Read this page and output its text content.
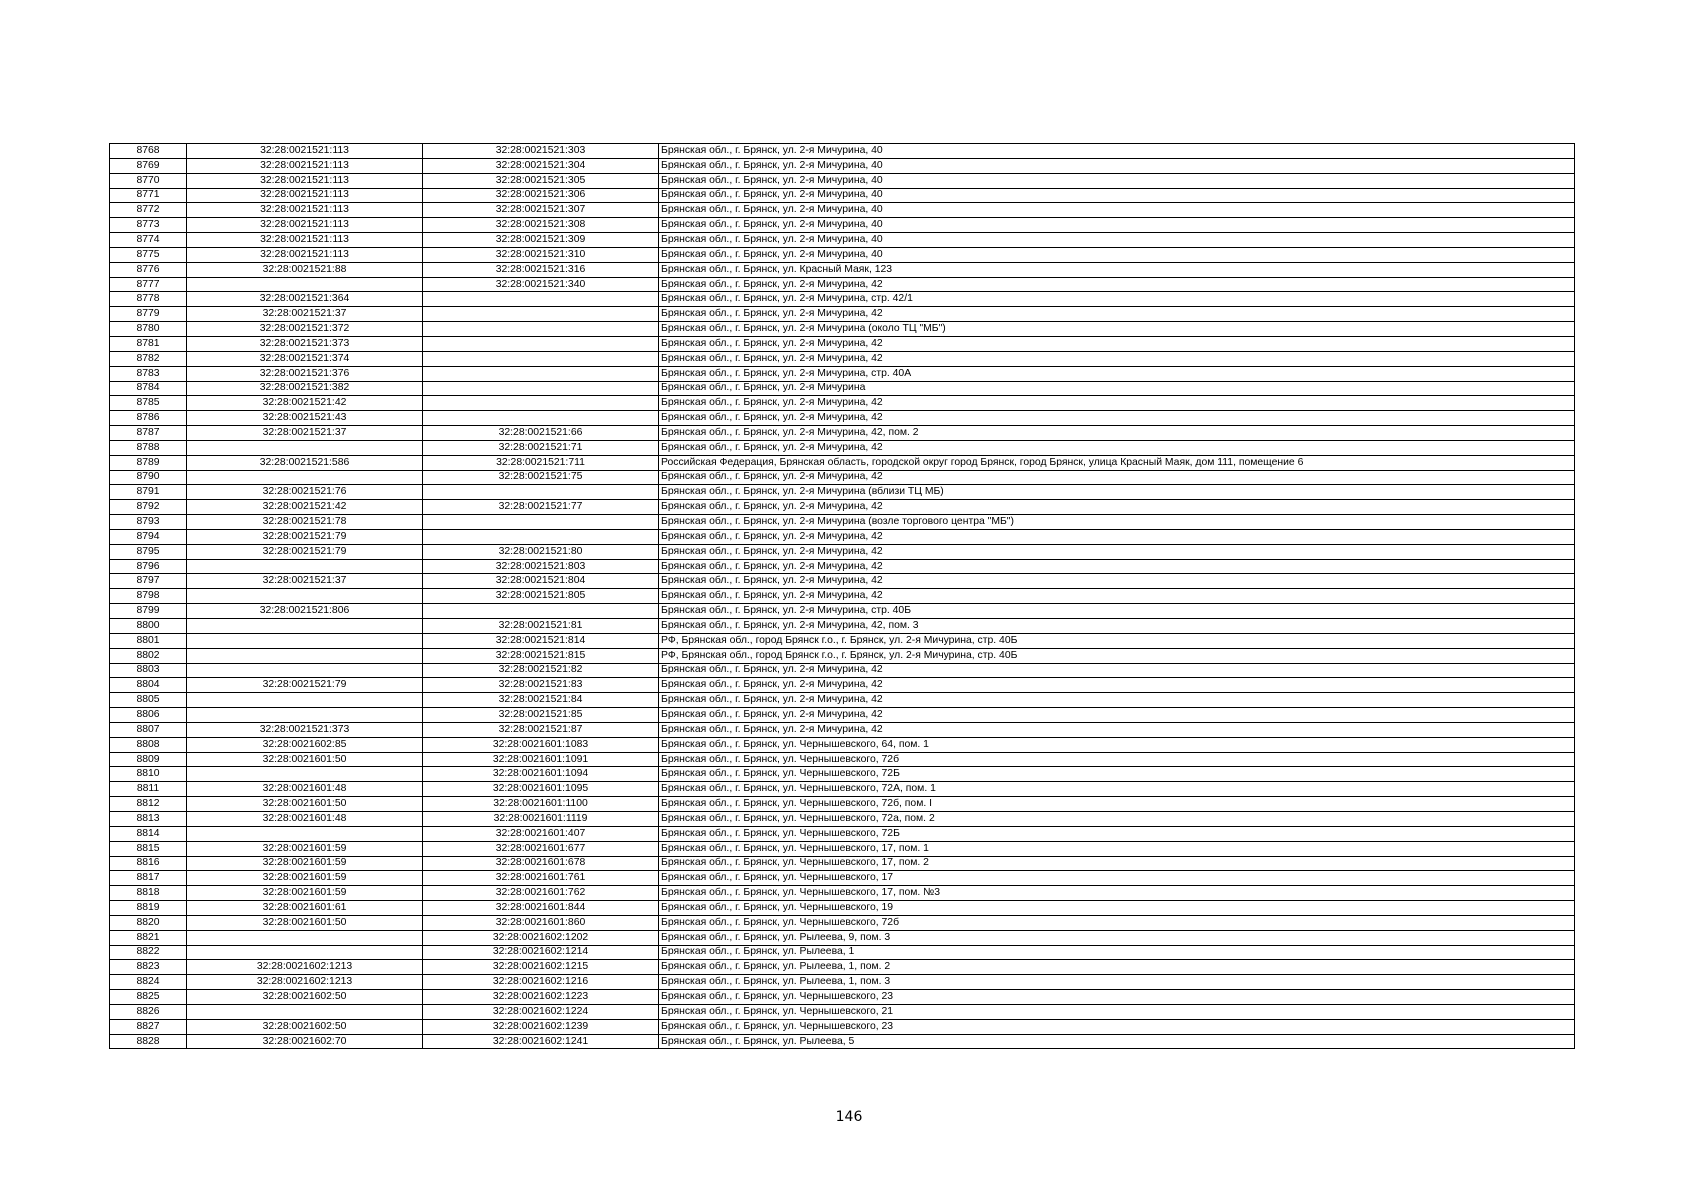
8768	32:28:0021521:113	32:28:0021521:303	Брянская обл., г. Брянск, ул. 2-я Мичурина, 40
8769	32:28:0021521:113	32:28:0021521:304	Брянская обл., г. Брянск, ул. 2-я Мичурина, 40
8770	32:28:0021521:113	32:28:0021521:305	Брянская обл., г. Брянск, ул. 2-я Мичурина, 40
8771	32:28:0021521:113	32:28:0021521:306	Брянская обл., г. Брянск, ул. 2-я Мичурина, 40
8772	32:28:0021521:113	32:28:0021521:307	Брянская обл., г. Брянск, ул. 2-я Мичурина, 40
8773	32:28:0021521:113	32:28:0021521:308	Брянская обл., г. Брянск, ул. 2-я Мичурина, 40
8774	32:28:0021521:113	32:28:0021521:309	Брянская обл., г. Брянск, ул. 2-я Мичурина, 40
8775	32:28:0021521:113	32:28:0021521:310	Брянская обл., г. Брянск, ул. 2-я Мичурина, 40
8776	32:28:0021521:88	32:28:0021521:316	Брянская обл., г. Брянск, ул. Красный Маяк, 123
8777		32:28:0021521:340	Брянская обл., г. Брянск, ул. 2-я Мичурина, 42
8778	32:28:0021521:364		Брянская обл., г. Брянск, ул. 2-я Мичурина, стр. 42/1
8779	32:28:0021521:37		Брянская обл., г. Брянск, ул. 2-я Мичурина, 42
8780	32:28:0021521:372		Брянская обл., г. Брянск, ул. 2-я Мичурина (около ТЦ "МБ")
8781	32:28:0021521:373		Брянская обл., г. Брянск, ул. 2-я Мичурина, 42
8782	32:28:0021521:374		Брянская обл., г. Брянск, ул. 2-я Мичурина, 42
8783	32:28:0021521:376		Брянская обл., г. Брянск, ул. 2-я Мичурина, стр. 40А
8784	32:28:0021521:382		Брянская обл., г. Брянск, ул. 2-я Мичурина
8785	32:28:0021521:42		Брянская обл., г. Брянск, ул. 2-я Мичурина, 42
8786	32:28:0021521:43		Брянская обл., г. Брянск, ул. 2-я Мичурина, 42
8787	32:28:0021521:37	32:28:0021521:66	Брянская обл., г. Брянск, ул. 2-я Мичурина, 42, пом. 2
8788		32:28:0021521:71	Брянская обл., г. Брянск, ул. 2-я Мичурина, 42
8789	32:28:0021521:586	32:28:0021521:711	Российская Федерация, Брянская область, городской округ город Брянск, город Брянск, улица Красный Маяк, дом 111, помещение 6
8790		32:28:0021521:75	Брянская обл., г. Брянск, ул. 2-я Мичурина, 42
8791	32:28:0021521:76		Брянская обл., г. Брянск, ул. 2-я Мичурина (вблизи ТЦ МБ)
8792	32:28:0021521:42	32:28:0021521:77	Брянская обл., г. Брянск, ул. 2-я Мичурина, 42
8793	32:28:0021521:78		Брянская обл., г. Брянск, ул. 2-я Мичурина (возле торгового центра "МБ")
8794	32:28:0021521:79		Брянская обл., г. Брянск, ул. 2-я Мичурина, 42
8795	32:28:0021521:79	32:28:0021521:80	Брянская обл., г. Брянск, ул. 2-я Мичурина, 42
8796		32:28:0021521:803	Брянская обл., г. Брянск, ул. 2-я Мичурина, 42
8797	32:28:0021521:37	32:28:0021521:804	Брянская обл., г. Брянск, ул. 2-я Мичурина, 42
8798		32:28:0021521:805	Брянская обл., г. Брянск, ул. 2-я Мичурина, 42
8799	32:28:0021521:806		Брянская обл., г. Брянск, ул. 2-я Мичурина, стр. 40Б
8800		32:28:0021521:81	Брянская обл., г. Брянск, ул. 2-я Мичурина, 42, пом. 3
8801		32:28:0021521:814	РФ, Брянская обл., город Брянск г.о., г. Брянск, ул. 2-я Мичурина, стр. 40Б
8802		32:28:0021521:815	РФ, Брянская обл., город Брянск г.о., г. Брянск, ул. 2-я Мичурина, стр. 40Б
8803		32:28:0021521:82	Брянская обл., г. Брянск, ул. 2-я Мичурина, 42
8804	32:28:0021521:79	32:28:0021521:83	Брянская обл., г. Брянск, ул. 2-я Мичурина, 42
8805		32:28:0021521:84	Брянская обл., г. Брянск, ул. 2-я Мичурина, 42
8806		32:28:0021521:85	Брянская обл., г. Брянск, ул. 2-я Мичурина, 42
8807	32:28:0021521:373	32:28:0021521:87	Брянская обл., г. Брянск, ул. 2-я Мичурина, 42
8808	32:28:0021602:85	32:28:0021601:1083	Брянская обл., г. Брянск, ул. Чернышевского, 64, пом. 1
8809	32:28:0021601:50	32:28:0021601:1091	Брянская обл., г. Брянск, ул. Чернышевского, 72б
8810		32:28:0021601:1094	Брянская обл., г. Брянск, ул. Чернышевского, 72Б
8811	32:28:0021601:48	32:28:0021601:1095	Брянская обл., г. Брянск, ул. Чернышевского, 72А, пом. 1
8812	32:28:0021601:50	32:28:0021601:1100	Брянская обл., г. Брянск, ул. Чернышевского, 72б, пом. I
8813	32:28:0021601:48	32:28:0021601:1119	Брянская обл., г. Брянск, ул. Чернышевского, 72а, пом. 2
8814		32:28:0021601:407	Брянская обл., г. Брянск, ул. Чернышевского, 72Б
8815	32:28:0021601:59	32:28:0021601:677	Брянская обл., г. Брянск, ул. Чернышевского, 17, пом. 1
8816	32:28:0021601:59	32:28:0021601:678	Брянская обл., г. Брянск, ул. Чернышевского, 17, пом. 2
8817	32:28:0021601:59	32:28:0021601:761	Брянская обл., г. Брянск, ул. Чернышевского, 17
8818	32:28:0021601:59	32:28:0021601:762	Брянская обл., г. Брянск, ул. Чернышевского, 17, пом. №3
8819	32:28:0021601:61	32:28:0021601:844	Брянская обл., г. Брянск, ул. Чернышевского, 19
8820	32:28:0021601:50	32:28:0021601:860	Брянская обл., г. Брянск, ул. Чернышевского, 72б
8821		32:28:0021602:1202	Брянская обл., г. Брянск, ул. Рылеева, 9, пом. 3
8822		32:28:0021602:1214	Брянская обл., г. Брянск, ул. Рылеева, 1
8823	32:28:0021602:1213	32:28:0021602:1215	Брянская обл., г. Брянск, ул. Рылеева, 1, пом. 2
8824	32:28:0021602:1213	32:28:0021602:1216	Брянская обл., г. Брянск, ул. Рылеева, 1, пом. 3
8825	32:28:0021602:50	32:28:0021602:1223	Брянская обл., г. Брянск, ул. Чернышевского, 23
8826		32:28:0021602:1224	Брянская обл., г. Брянск, ул. Чернышевского, 21
8827	32:28:0021602:50	32:28:0021602:1239	Брянская обл., г. Брянск, ул. Чернышевского, 23
8828	32:28:0021602:70	32:28:0021602:1241	Брянская обл., г. Брянск, ул. Рылеева, 5
146
